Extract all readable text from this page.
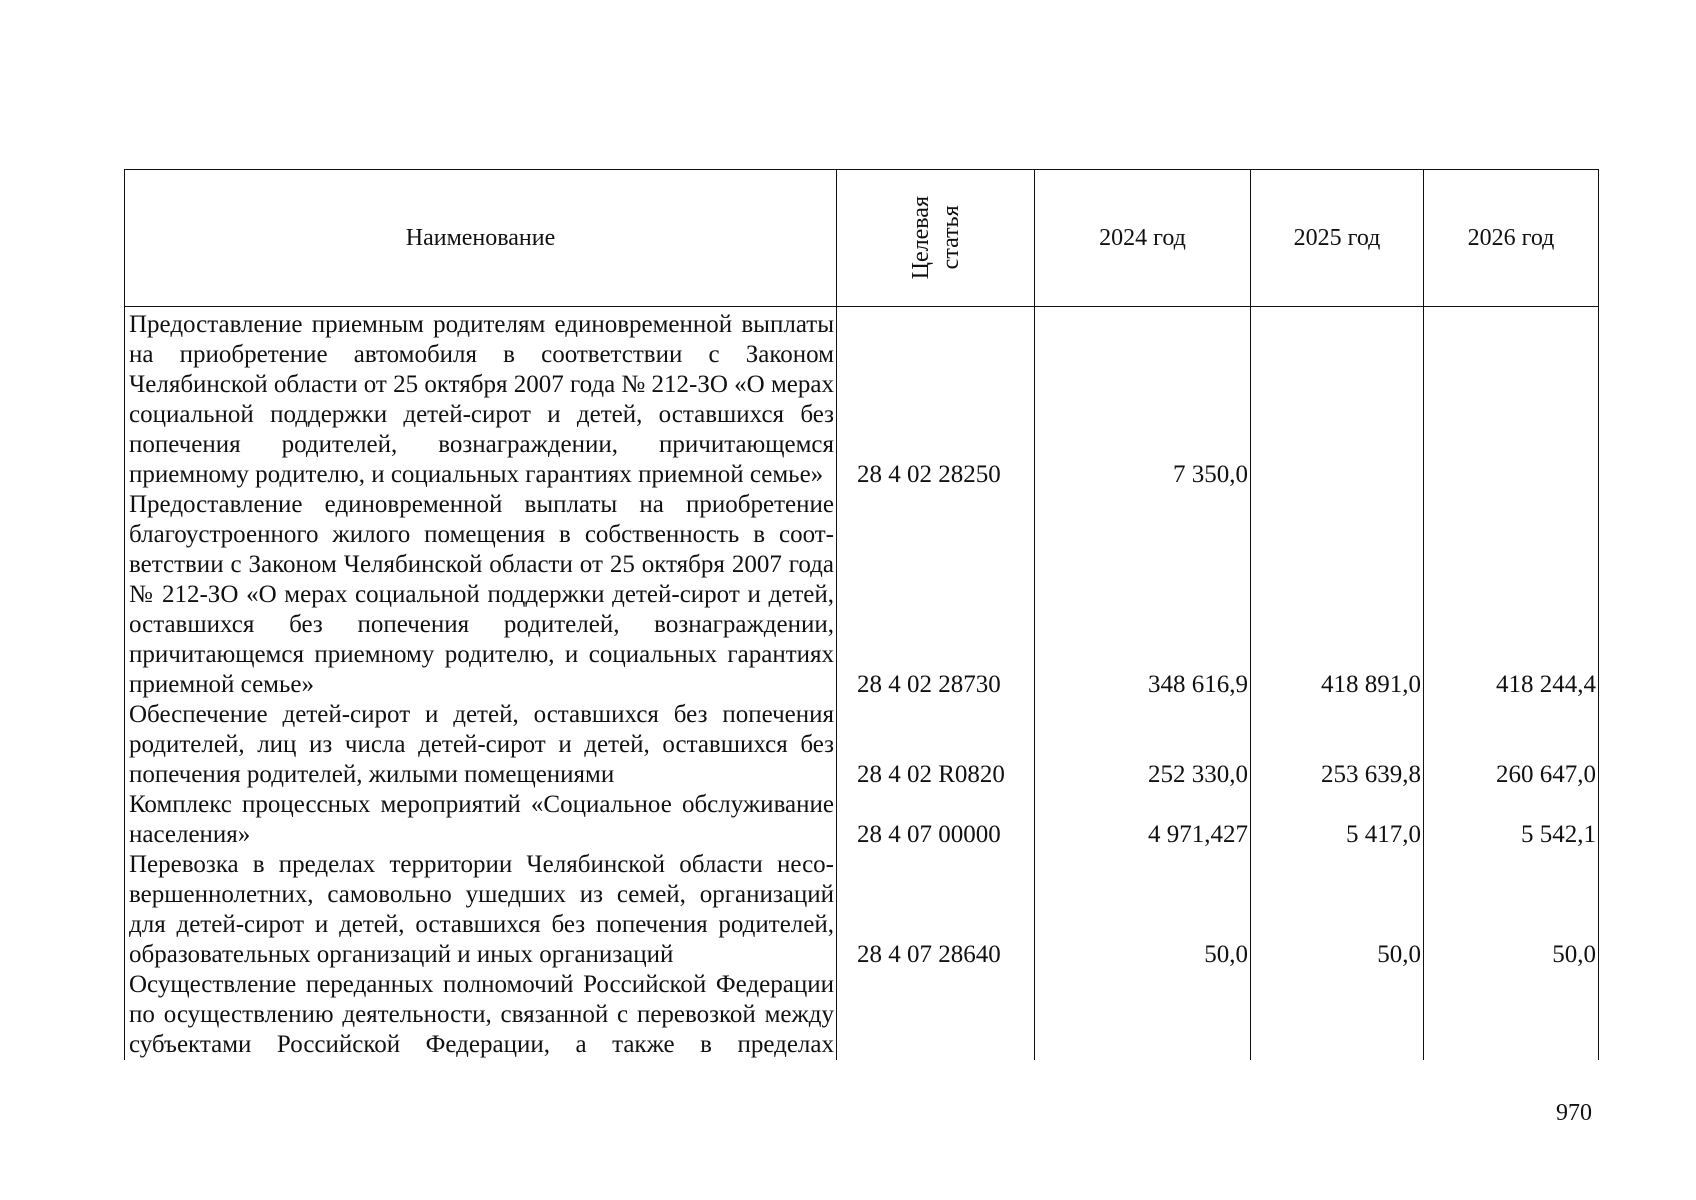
Наименование	Целевая статья	2024 год	2025 год	2026 год
Предоставление приемным родителям единовременной выплаты на приобретение автомобиля в соответствии с Законом Челябинской области от 25 октября 2007 года № 212-ЗО «О мерах социальной поддержки детей-сирот и детей, оставшихся без попечения родителей, вознаграждении, причитающемся приемному родителю, и социальных гарантиях приемной семье»	28 4 02 28250	7 350,0		
Предоставление единовременной выплаты на приобретение благоустроенного жилого помещения в собственность в соответствии с Законом Челябинской области от 25 октября 2007 года № 212-ЗО «О мерах социальной поддержки детей-сирот и детей, оставшихся без попечения родителей, вознаграждении, причитающемся приемному родителю, и социальных гарантиях приемной семье»	28 4 02 28730	348 616,9	418 891,0	418 244,4
Обеспечение детей-сирот и детей, оставшихся без попечения родителей, лиц из числа детей-сирот и детей, оставшихся без попечения родителей, жилыми помещениями	28 4 02 R0820	252 330,0	253 639,8	260 647,0
Комплекс процессных мероприятий «Социальное обслуживание населения»	28 4 07 00000	4 971,427	5 417,0	5 542,1
Перевозка в пределах территории Челябинской области несовершеннолетних, самовольно ушедших из семей, организаций для детей-сирот и детей, оставшихся без попечения родителей, образовательных организаций и иных организаций	28 4 07 28640	50,0	50,0	50,0
Осуществление переданных полномочий Российской Федерации по осуществлению деятельности, связанной с перевозкой между субъектами Российской Федерации, а также в пределах				
970
